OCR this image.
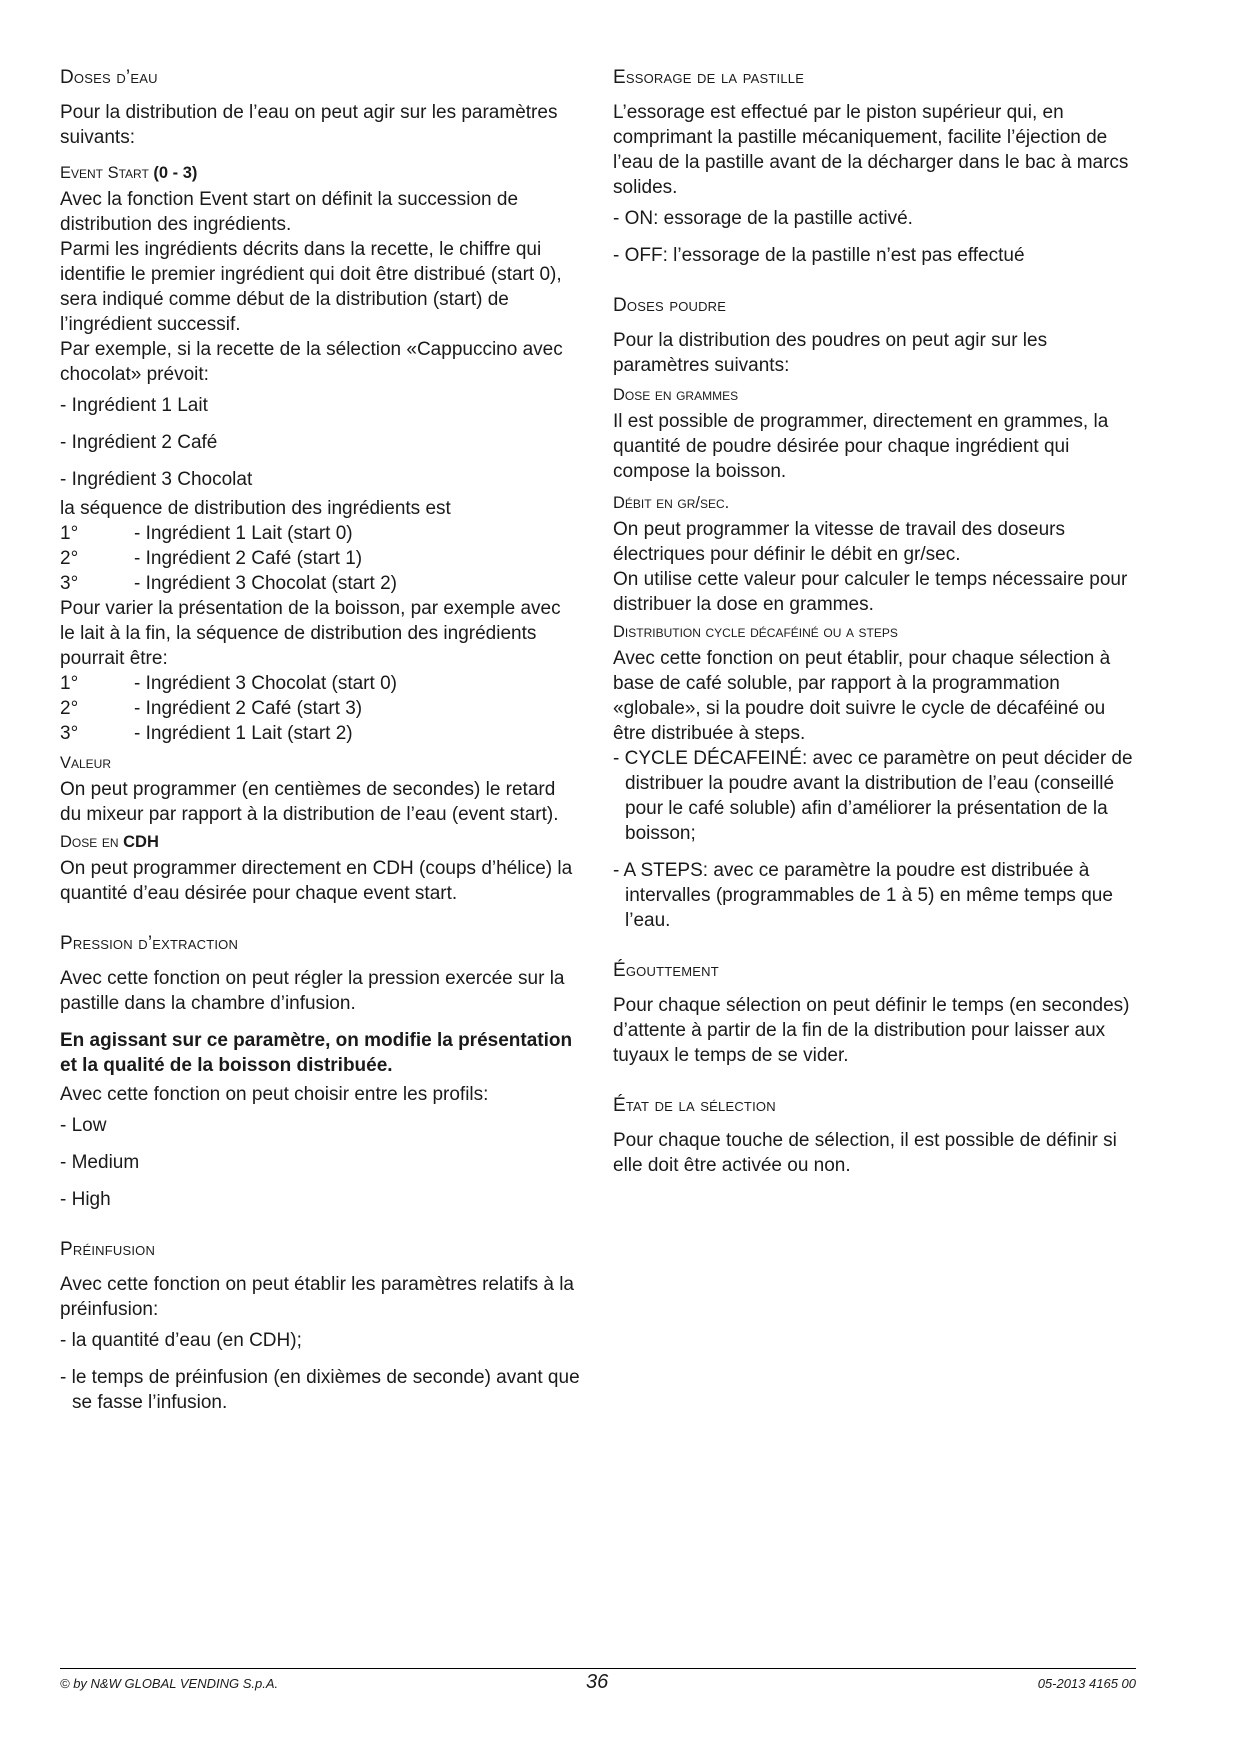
Doses d’eau

Pour la distribution de l’eau on peut agir sur les paramètres suivants:

Event Start (0 - 3)

Avec la fonction Event start on définit la succession de distribution des ingrédients.

Parmi les ingrédients décrits dans la recette, le chiffre qui identifie le premier ingrédient qui doit être distribué (start 0), sera indiqué comme début de la distribution (start) de l’ingrédient successif.

Par exemple, si la recette de la sélection «Cappuccino avec chocolat» prévoit:

- Ingrédient 1 Lait
- Ingrédient 2 Café
- Ingrédient 3 Chocolat

la séquence de distribution des ingrédients est

1°	- Ingrédient 1 Lait (start 0)
2°	- Ingrédient 2 Café (start 1)
3°	- Ingrédient 3 Chocolat (start 2)

Pour varier la présentation de la boisson, par exemple avec le lait à la fin, la séquence de distribution des ingrédients pourrait être:

1°	- Ingrédient 3 Chocolat (start 0)
2°	- Ingrédient 2 Café (start 3)
3°	- Ingrédient 1 Lait (start 2)
Valeur

On peut programmer (en centièmes de secondes) le retard du mixeur par rapport à la distribution de l’eau (event start).

Dose en CDH

On peut programmer directement en CDH (coups d’hélice) la quantité d’eau désirée pour chaque event start.

Pression d’extraction

Avec cette fonction on peut régler la pression exercée sur la pastille dans la chambre d’infusion.

En agissant sur ce paramètre, on modifie la présentation et la qualité de la boisson distribuée.

Avec cette fonction on peut choisir entre les profils:

- Low
- Medium
- High
Préinfusion

Avec cette fonction on peut établir les paramètres relatifs à la préinfusion:

- la quantité d’eau (en CDH);
- le temps de préinfusion (en dixièmes de seconde) avant que se fasse l’infusion.
Essorage de la pastille

L’essorage est effectué par le piston supérieur qui, en comprimant la pastille mécaniquement, facilite l’éjection de l’eau de la pastille avant de la décharger dans le bac à marcs solides.

- ON: essorage de la pastille activé.
- OFF: l’essorage de la pastille n’est pas effectué
Doses poudre

Pour la distribution des poudres on peut agir sur les paramètres suivants:

Dose en grammes

Il est possible de programmer, directement en grammes, la quantité de poudre désirée pour chaque ingrédient qui compose la boisson.

Débit en gr/sec.

On peut programmer la vitesse de travail des doseurs électriques pour définir le débit en gr/sec.

On utilise cette valeur pour calculer le temps nécessaire pour distribuer la dose en grammes.

Distribution cycle décaféiné ou a steps

Avec cette fonction on peut établir, pour chaque sélection à base de café soluble, par rapport à la programmation «globale», si la poudre doit suivre le cycle de décaféiné ou être distribuée à steps.

- CYCLE DÉCAFEINÉ: avec ce paramètre on peut décider de distribuer la poudre avant la distribution de l’eau (conseillé pour le café soluble) afin d’améliorer la présentation de la boisson;
- A STEPS: avec ce paramètre la poudre est distribuée à intervalles (programmables de 1 à 5) en même temps que l’eau.
Égouttement

Pour chaque sélection on peut définir le temps (en secondes) d’attente à partir de la fin de la distribution pour laisser aux tuyaux le temps de se vider.

État de la sélection

Pour chaque touche de sélection, il est possible de définir si elle doit être activée ou non.

© by N&W GLOBAL VENDING S.p.A.	36	05-2013 4165 00
